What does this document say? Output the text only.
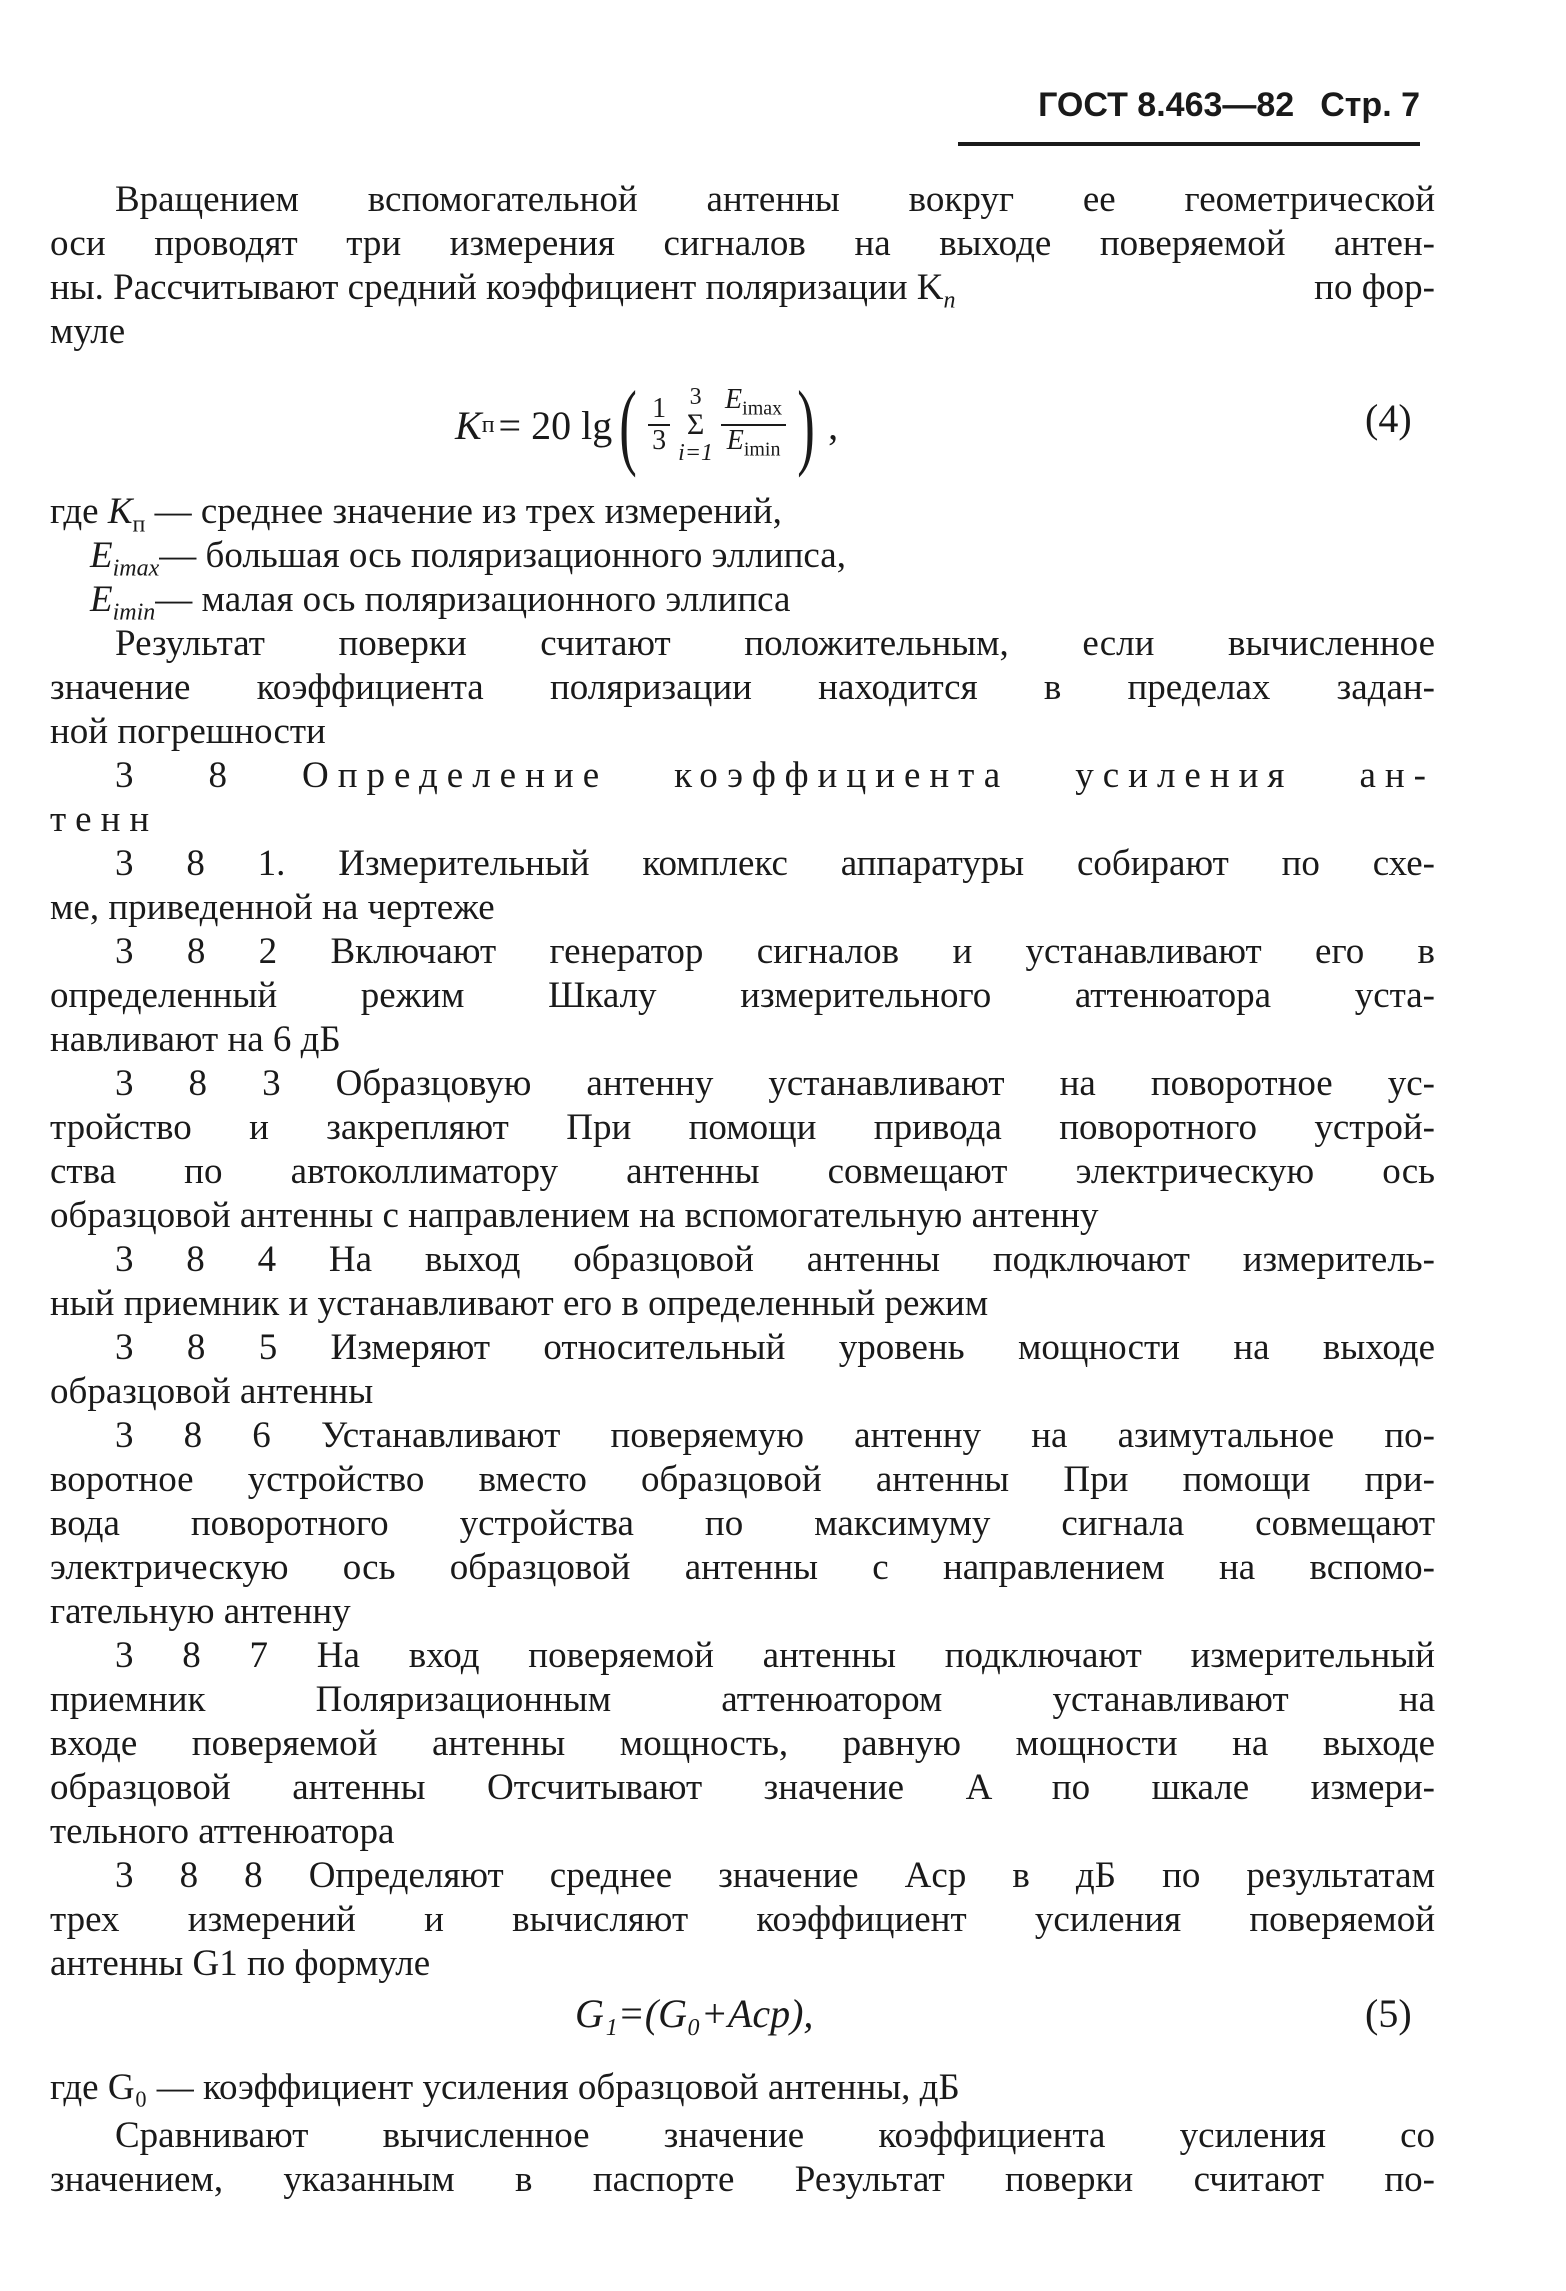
ГОСТ 8.463—82 Стр. 7
Вращением вспомогательной антенны вокруг ее геометрической
оси проводят три измерения сигналов на выходе поверяемой антен-
ны. Рассчитывают средний коэффициент поляризации $K_п$	по фор-
муле
K п = 20 lg ( $\frac{1}{3} 3$
Σ
$i=1 \frac{E_{imax}}{E_{imin}}$ ) ,	(4)
где $K_п$ — среднее значение из трех измерений,
$E_{imax}—$ большая ось поляризационного эллипса,
$E_{imin}—$ малая ось поляризационного эллипса
Результат поверки считают положительным, если вычисленное
значение коэффициента поляризации находится в пределах задан-
ной погрешности
3 8 Определение коэффициента усиления ан-
тенн
3 8 1. Измерительный комплекс аппаратуры собирают по схе-
ме, приведенной на чертеже
3 8 2 Включают генератор сигналов и устанавливают его в
определенный режим Шкалу измерительного аттенюатора уста-
навливают на 6 дБ
3 8 3 Образцовую антенну устанавливают на поворотное ус-
тройство и закрепляют При помощи привода поворотного устрой-
ства по автоколлиматору антенны совмещают электрическую ось
образцовой антенны с направлением на вспомогательную антенну
3 8 4 На выход образцовой антенны подключают измеритель-
ный приемник и устанавливают его в определенный режим
3 8 5 Измеряют относительный уровень мощности на выходе
образцовой антенны
3 8 6 Устанавливают поверяемую антенну на азимутальное по-
воротное устройство вместо образцовой антенны При помощи при-
вода поворотного устройства по максимуму сигнала совмещают
электрическую ось образцовой антенны с направлением на вспомо-
гательную антенну
3 8 7 На вход поверяемой антенны подключают измерительный
приемник Поляризационным аттенюатором устанавливают на
входе поверяемой антенны мощность, равную мощности на выходе
образцовой антенны Отсчитывают значение A по шкале измери-
тельного аттенюатора
3 8 8 Определяют среднее значение Aср в дБ по результатам
трех измерений и вычисляют коэффициент усиления поверяемой
антенны G1 по формуле
G₁=(G₀+Aср),	(5)
где G₀ — коэффициент усиления образцовой антенны, дБ
Сравнивают вычисленное значение коэффициента усиления со
значением, указанным в паспорте Результат поверки считают по-
